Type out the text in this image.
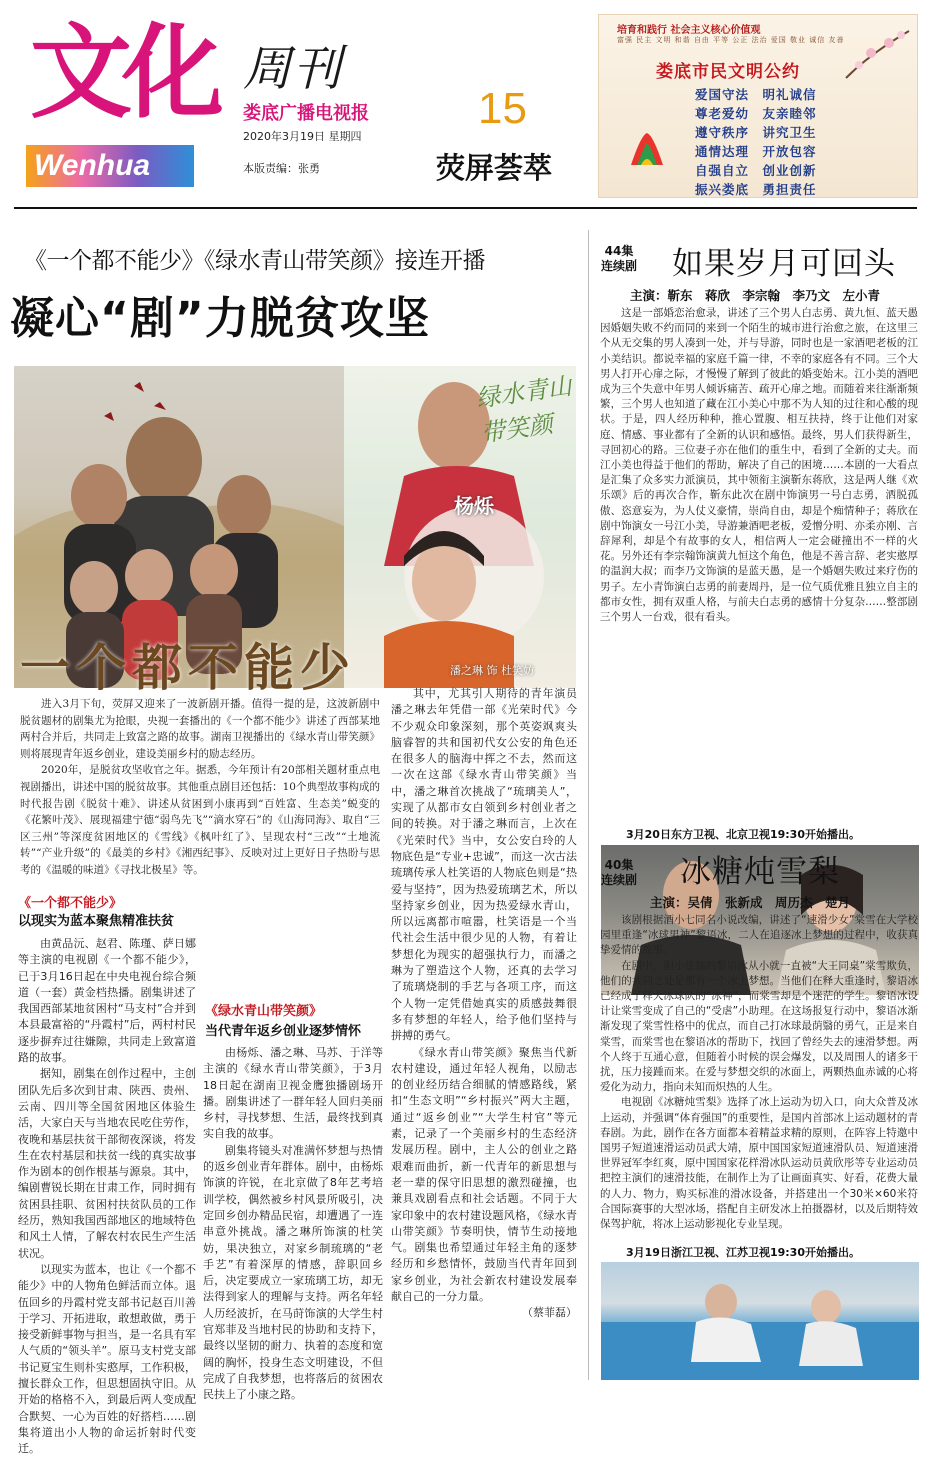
文化
Wenhua
周刊
娄底广播电视报
2020年3月19日 星期四
本版责编：张勇
15
荧屏荟萃
培育和践行 社会主义核心价值观
富强 民主 文明 和谐 自由 平等 公正 法治 爱国 敬业 诚信 友善
娄底市民文明公约
爱国守法　明礼诚信
尊老爱幼　友亲睦邻
遵守秩序　讲究卫生
通情达理　开放包容
自强自立　创业创新
振兴娄底　勇担责任
《一个都不能少》《绿水青山带笑颜》接连开播
凝心“剧”力脱贫攻坚
一个都不能少
绿水青山带笑颜
杨烁
潘之琳 饰 杜笑妨

进入3月下旬，荧屏又迎来了一波新剧开播。值得一提的是，这波新剧中脱贫题材的剧集尤为抢眼，央视一套播出的《一个都不能少》讲述了西部某地两村合并后，共同走上致富之路的故事。湖南卫视播出的《绿水青山带笑颜》则将展现青年返乡创业，建设美丽乡村的励志经历。

2020年，是脱贫攻坚收官之年。据悉，今年预计有20部相关题材重点电视剧播出，讲述中国的脱贫故事。其他重点剧目还包括：10个典型故事构成的时代报告剧《脱贫十难》、讲述从贫困到小康再到“百姓富、生态美”蜕变的《花繁叶茂》、展现福建宁德“弱鸟先飞”“滴水穿石”的《山海同海》、取自“三区三州”等深度贫困地区的《雪线》《枫叶红了》、呈现农村“三改”“土地流转”“产业升级”的《最美的乡村》《湘西纪事》、反映对过上更好日子热盼与思考的《温暖的味道》《寻找北极星》等。

《一个都不能少》
以现实为蓝本聚焦精准扶贫

由黄品沅、赵君、陈瑾、萨日娜等主演的电视剧《一个都不能少》，已于3月16日起在中央电视台综合频道（一套）黄金档热播。剧集讲述了我国西部某地贫困村“马支村”合并到本县最富裕的“丹霞村”后，两村村民逐步摒弃过往嫌隙，共同走上致富道路的故事。

据知，剧集在创作过程中，主创团队先后多次到甘肃、陕西、贵州、云南、四川等全国贫困地区体验生活，大家白天与当地农民吃住劳作，夜晚和基层扶贫干部彻夜深谈，将发生在农村基层和扶贫一线的真实故事作为剧本的创作根基与源泉。其中，编剧曹锐长期在甘肃工作，同时拥有贫困县挂职、贫困村扶贫队员的工作经历，熟知我国西部地区的地域特色和风土人情，了解农村农民生产生活状况。

以现实为蓝本，也让《一个都不能少》中的人物角色鲜活而立体。退伍回乡的丹霞村党支部书记赵百川善于学习、开拓进取，敢想敢做，勇于接受新鲜事物与担当，是一名具有军人气质的“领头羊”。原马支村党支部书记夏宝生则朴实憨厚，工作积极，擅长群众工作，但思想固执守旧。从开始的格格不入，到最后两人变成配合默契、一心为百姓的好搭档……剧集将道出小人物的命运折射时代变迁。

《绿水青山带笑颜》
当代青年返乡创业逐梦情怀

由杨烁、潘之琳、马苏、于洋等主演的《绿水青山带笑颜》，于3月18日起在湖南卫视金鹰独播剧场开播。剧集讲述了一群年轻人回归美丽乡村，寻找梦想、生活，最终找到真实自我的故事。

剧集将镜头对准满怀梦想与热情的返乡创业青年群体。剧中，由杨烁饰演的许锐，在北京做了8年艺考培训学校，偶然被乡村风景所吸引，决定回乡创办精品民宿，却遭遇了一连串意外挑战。潘之琳所饰演的杜笑妨，果决独立，对家乡制琉璃的“老手艺”有着深厚的情感，辞职回乡后，决定要成立一家琉璃工坊，却无法得到家人的理解与支持。两名年轻人历经波折，在马莳饰演的大学生村官郑菲及当地村民的协助和支持下，最终以坚韧的耐力、执着的态度和宽阔的胸怀，投身生态文明建设，不但完成了自我梦想，也将落后的贫困农民扶上了小康之路。

其中，尤其引人期待的青年演员潘之琳去年凭借一部《光荣时代》今不少观众印象深刻，那个英姿飒爽头脑睿智的共和国初代女公安的角色还在很多人的脑海中挥之不去，然而这一次在这部《绿水青山带笑颜》当中，潘之琳首次挑战了“琉璃美人”，实现了从都市女白领到乡村创业者之间的转换。对于潘之琳而言，上次在《光荣时代》当中，女公安白玲的人物底色是“专业+忠诚”，而这一次古法琉璃传承人杜笑语的人物底色则是“热爱与坚持”，因为热爱琉璃艺术，所以坚持家乡创业，因为热爱绿水青山，所以远离都市喧嚣，杜笑语是一个当代社会生活中很少见的人物，有着让梦想化为现实的超强执行力，而潘之琳为了塑造这个人物，还真的去学习了琉璃烧制的手艺与各项工序，而这个人物一定凭借她真实的质感鼓舞很多有梦想的年轻人，给予他们坚持与拼搏的勇气。

《绿水青山带笑颜》聚焦当代新农村建设，通过年轻人视角，以励志的创业经历结合细腻的情感路线，紧扣“生态文明”“乡村振兴”两大主题，通过“返乡创业”“大学生村官”等元素，记录了一个美丽乡村的生态经济发展历程。剧中，主人公的创业之路艰难而曲折，新一代青年的新思想与老一辈的保守旧思想的激烈碰撞，也兼具戏剧看点和社会话题。不同于大家印象中的农村建设题风格，《绿水青山带笑颜》节奏明快，情节生动接地气。剧集也希望通过年轻主角的逐梦经历和乡愁情怀，鼓励当代青年回到家乡创业，为社会新农村建设发展奉献自己的一分力量。

（蔡菲磊）

44集
连续剧 如果岁月可回头
主演：靳东　蒋欣　李宗翰　李乃文　左小青

这是一部婚恋治愈录，讲述了三个男人白志勇、黄九恒、蓝天愚因婚姻失败不约而同的来到一个陌生的城市进行治愈之旅，在这里三个从无交集的男人凑到一处，并与导游，同时也是一家酒吧老板的江小美结识。都说幸福的家庭千篇一律，不幸的家庭各有不同。三个大男人打开心扉之际，才慢慢了解到了彼此的婚变始末。江小美的酒吧成为三个失意中年男人倾诉痛苦、疏开心扉之地。而随着来往渐渐频繁，三个男人也知道了藏在江小美心中那不为人知的过往和心酸的现状。于是，四人经历种种，推心置腹、相互扶持，终于让他们对家庭、情感、事业都有了全新的认识和感悟。最终，男人们获得新生，寻回初心的路。三位妻子亦在他们的重生中，看到了全新的丈夫。而江小美也得益于他们的帮助，解决了自己的困境……本剧的一大看点是汇集了众多实力派演员，其中领衔主演靳东蒋欣，这是两人继《欢乐颂》后的再次合作，靳东此次在剧中饰演男一号白志勇，洒脱孤傲、恣意妄为，为人仗义豪情，崇尚自由，却是个痴情种子；蒋欣在剧中饰演女一号江小美，导游兼酒吧老板，爱憎分明、亦柔亦刚、言辞犀利，却是个有故事的女人，相信两人一定会碰撞出不一样的火花。另外还有李宗翰饰演黄九恒这个角色，他是不善言辞、老实憨厚的温润大叔；而李乃文饰演的是蓝天愚，是一个婚姻失败过来疗伤的男子。左小青饰演白志勇的前妻周丹，是一位气质优雅且独立自主的都市女性，拥有双重人格，与前夫白志勇的感情十分复杂……整部剧三个男人一台戏，很有看头。

3月20日东方卫视、北京卫视19:30开始播出。
40集
连续剧 冰糖炖雪梨
主演：吴倩　张新成　周历杰　楚月

该剧根据酒小七同名小说改编，讲述了“速滑少女”棠雪在大学校园里重逢“冰球男神”黎语冰，二人在追逐冰上梦想的过程中，收获真挚爱情的故事。

在剧中，胆小怯懦的黎语冰从小就一直被“大王同桌”棠雪欺负，他们的共同之处是都有一个冰上梦想。当他们在释大重逢时，黎语冰已经成了释大冰球队的“冰神”，而棠雪却是个迷茫的学生。黎语冰设计让棠雪变成了自己的“受虐”小助理。在这场报复行动中，黎语冰渐渐发现了棠雪性格中的优点，而自己打冰球最荫翳的勇气，正是来自棠雪，而棠雪也在黎语冰的帮助下，找回了曾经失去的速滑梦想。两个人终于互通心意，但随着小时候的误会爆发，以及周围人的诸多干扰，压力接踵而来。在爱与梦想交织的冰面上，两颗热血赤诚的心将爱化为动力，指向未知而炽热的人生。

电视剧《冰糖炖雪梨》选择了冰上运动为切入口，向大众普及冰上运动，并强调“体育强国”的重要性，是国内首部冰上运动题材的青春剧。为此，剧作在各方面都本着精益求精的原则，在阵容上特邀中国男子短道速滑运动员武大靖，原中国国家短道速滑队员、短道速滑世界冠军李红爽，原中国国家花样滑冰队运动员黄欣彤等专业运动员把控主演们的速滑技能，在制作上为了让画面真实、好看，花费大量的人力、物力，购买标准的滑冰设备，并搭建出一个30米×60米符合国际赛事的大型冰场，搭配自主研发冰上拍摄器材，以及后期特效保驾护航，将冰上运动影视化专业呈现。

3月19日浙江卫视、江苏卫视19:30开始播出。
